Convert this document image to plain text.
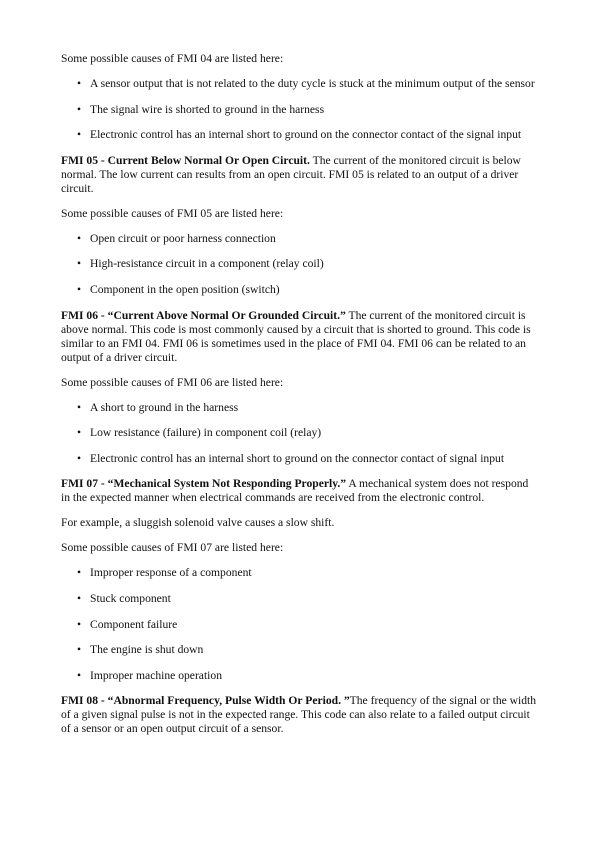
Some possible causes of FMI 04 are listed here:

• A sensor output that is not related to the duty cycle is stuck at the minimum output of the sensor
• The signal wire is shorted to ground in the harness
• Electronic control has an internal short to ground on the connector contact of the signal input

FMI 05 - Current Below Normal Or Open Circuit. The current of the monitored circuit is below normal. The low current can results from an open circuit. FMI 05 is related to an output of a driver circuit.

Some possible causes of FMI 05 are listed here:

• Open circuit or poor harness connection
• High-resistance circuit in a component (relay coil)
• Component in the open position (switch)

FMI 06 - “Current Above Normal Or Grounded Circuit.” The current of the monitored circuit is above normal. This code is most commonly caused by a circuit that is shorted to ground. This code is similar to an FMI 04. FMI 06 is sometimes used in the place of FMI 04. FMI 06 can be related to an output of a driver circuit.

Some possible causes of FMI 06 are listed here:

• A short to ground in the harness
• Low resistance (failure) in component coil (relay)
• Electronic control has an internal short to ground on the connector contact of signal input

FMI 07 - “Mechanical System Not Responding Properly.” A mechanical system does not respond in the expected manner when electrical commands are received from the electronic control.

For example, a sluggish solenoid valve causes a slow shift.

Some possible causes of FMI 07 are listed here:

• Improper response of a component
• Stuck component
• Component failure
• The engine is shut down
• Improper machine operation

FMI 08 - “Abnormal Frequency, Pulse Width Or Period. ”The frequency of the signal or the width of a given signal pulse is not in the expected range. This code can also relate to a failed output circuit of a sensor or an open output circuit of a sensor.
